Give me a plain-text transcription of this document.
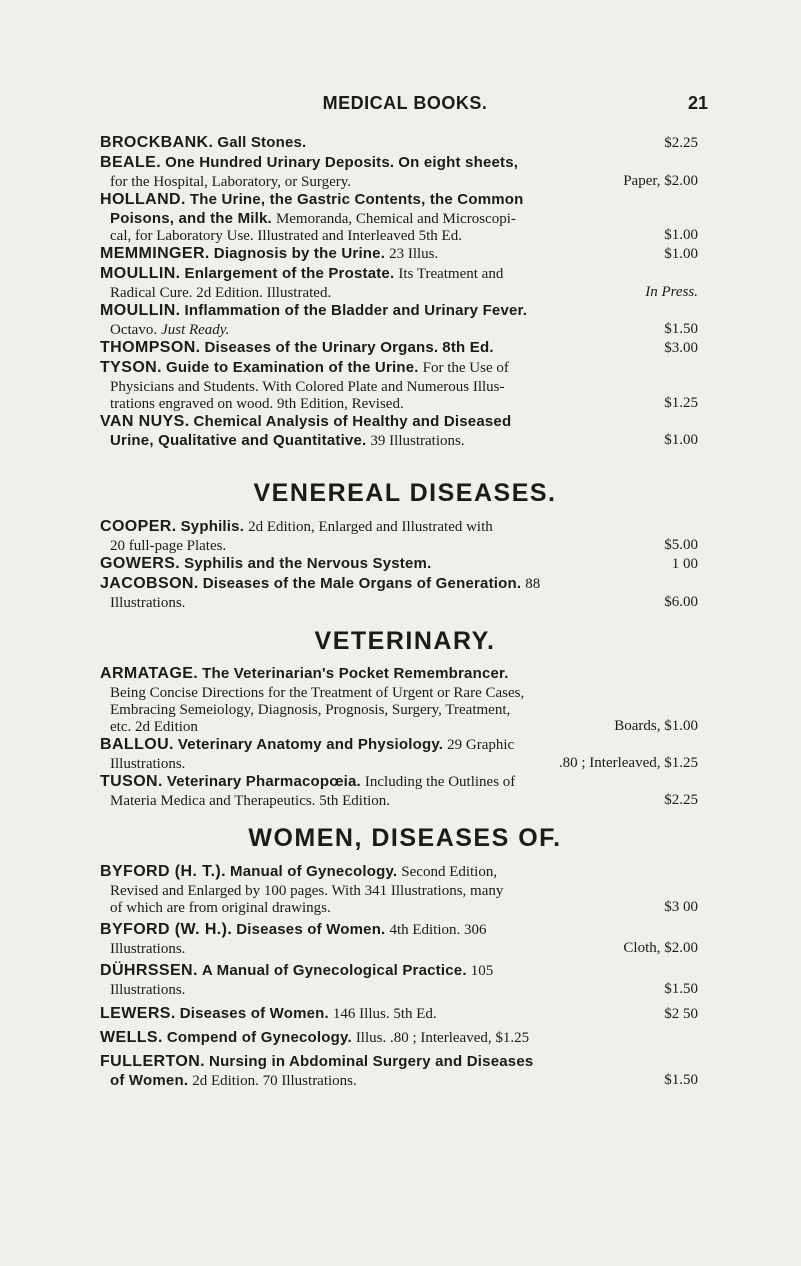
MEDICAL BOOKS.	21
BROCKBANK. Gall Stones.	$2.25
BEALE. One Hundred Urinary Deposits. On eight sheets,
for the Hospital, Laboratory, or Surgery.	Paper, $2.00
HOLLAND. The Urine, the Gastric Contents, the Common
Poisons, and the Milk. Memoranda, Chemical and Microscopi-
cal, for Laboratory Use. Illustrated and Interleaved 5th Ed.	$1.00
MEMMINGER. Diagnosis by the Urine. 23 Illus.	$1.00
MOULLIN. Enlargement of the Prostate. Its Treatment and
Radical Cure. 2d Edition. Illustrated.	In Press.
MOULLIN. Inflammation of the Bladder and Urinary Fever.
Octavo. Just Ready.	$1.50
THOMPSON. Diseases of the Urinary Organs. 8th Ed.	$3.00
TYSON. Guide to Examination of the Urine. For the Use of
Physicians and Students. With Colored Plate and Numerous Illus-
trations engraved on wood. 9th Edition, Revised.	$1.25
VAN NUYS. Chemical Analysis of Healthy and Diseased
Urine, Qualitative and Quantitative. 39 Illustrations.	$1.00
VENEREAL DISEASES.
COOPER. Syphilis. 2d Edition, Enlarged and Illustrated with
20 full-page Plates.	$5.00
GOWERS. Syphilis and the Nervous System.	1 00
JACOBSON. Diseases of the Male Organs of Generation. 88
Illustrations.	$6.00
VETERINARY.
ARMATAGE. The Veterinarian's Pocket Remembrancer.
Being Concise Directions for the Treatment of Urgent or Rare Cases,
Embracing Semeiology, Diagnosis, Prognosis, Surgery, Treatment,
etc. 2d Edition	Boards, $1.00
BALLOU. Veterinary Anatomy and Physiology. 29 Graphic
Illustrations.	.80 ; Interleaved, $1.25
TUSON. Veterinary Pharmacopœia. Including the Outlines of
Materia Medica and Therapeutics. 5th Edition.	$2.25
WOMEN, DISEASES OF.
BYFORD (H. T.). Manual of Gynecology. Second Edition,
Revised and Enlarged by 100 pages. With 341 Illustrations, many
of which are from original drawings.	$3 00
BYFORD (W. H.). Diseases of Women. 4th Edition. 306
Illustrations.	Cloth, $2.00
DÜHRSSEN. A Manual of Gynecological Practice. 105
Illustrations.	$1.50
LEWERS. Diseases of Women. 146 Illus. 5th Ed.	$2 50
WELLS. Compend of Gynecology. Illus. .80 ; Interleaved, $1.25
FULLERTON. Nursing in Abdominal Surgery and Diseases
of Women. 2d Edition. 70 Illustrations.	$1.50
